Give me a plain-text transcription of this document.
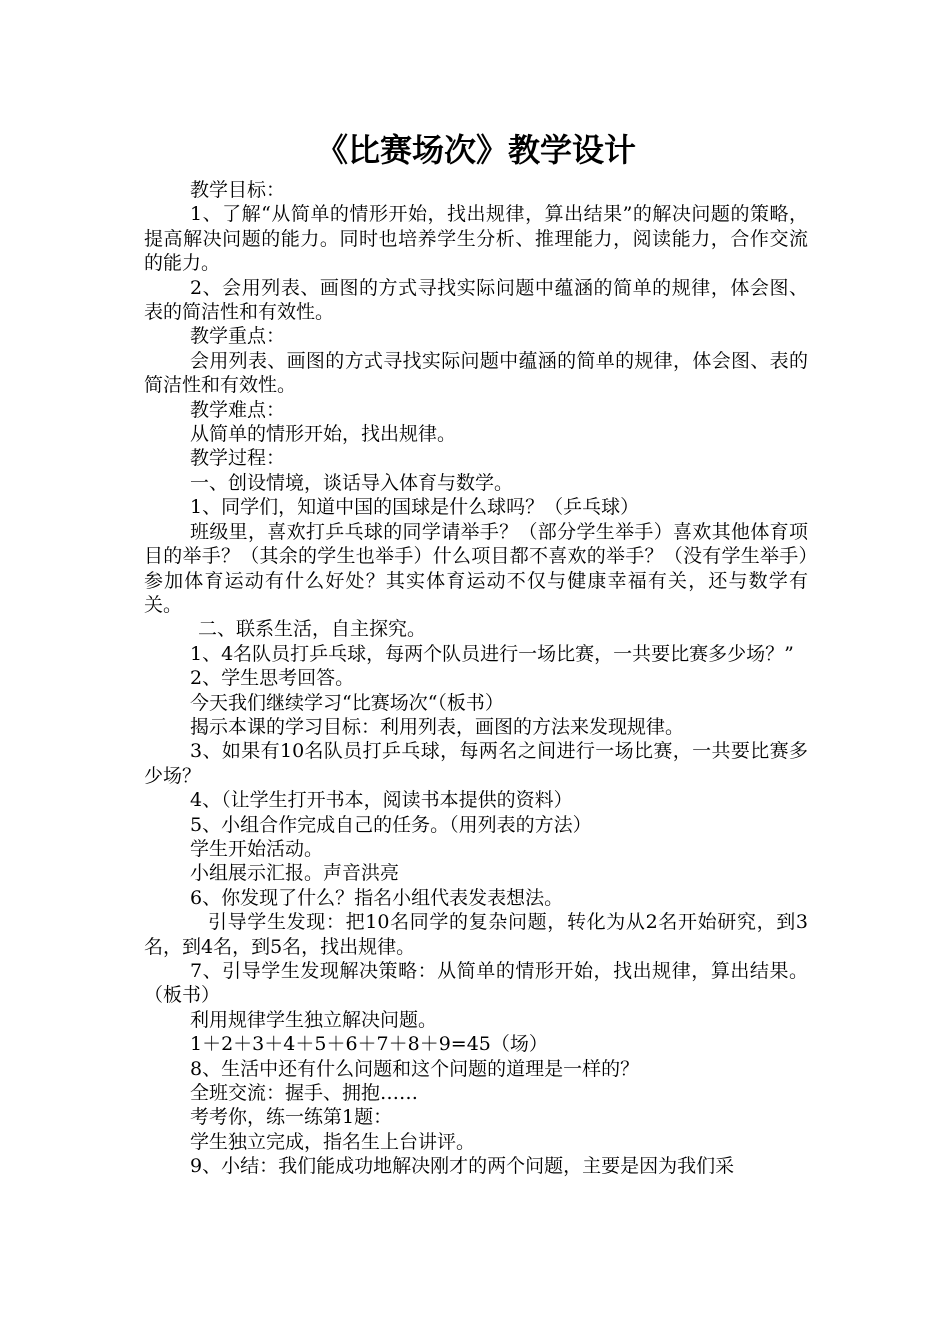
《比赛场次》教学设计

教学目标：

1、了解“从简单的情形开始，找出规律，算出结果”的解决问题的策略，提高解决问题的能力。同时也培养学生分析、推理能力，阅读能力，合作交流的能力。

2、会用列表、画图的方式寻找实际问题中蕴涵的简单的规律，体会图、表的简洁性和有效性。

教学重点：

会用列表、画图的方式寻找实际问题中蕴涵的简单的规律，体会图、表的简洁性和有效性。

教学难点：

从简单的情形开始，找出规律。

教学过程：

一、创设情境，谈话导入体育与数学。

1、同学们，知道中国的国球是什么球吗？（乒乓球）

班级里，喜欢打乒乓球的同学请举手？（部分学生举手）喜欢其他体育项目的举手？（其余的学生也举手）什么项目都不喜欢的举手？（没有学生举手）参加体育运动有什么好处？其实体育运动不仅与健康幸福有关，还与数学有关。

二、联系生活，自主探究。

1、4名队员打乒乓球，每两个队员进行一场比赛，一共要比赛多少场？”

2、学生思考回答。

今天我们继续学习“比赛场次“（板书）

揭示本课的学习目标：利用列表，画图的方法来发现规律。

3、如果有10名队员打乒乓球，每两名之间进行一场比赛，一共要比赛多少场？

4、（让学生打开书本，阅读书本提供的资料）

5、小组合作完成自己的任务。（用列表的方法）

学生开始活动。

小组展示汇报。声音洪亮

6、你发现了什么？指名小组代表发表想法。

引导学生发现：把10名同学的复杂问题，转化为从2名开始研究，到3名，到4名，到5名，找出规律。

7、引导学生发现解决策略：从简单的情形开始，找出规律，算出结果。（板书）

利用规律学生独立解决问题。

1＋2＋3＋4＋5＋6＋7＋8＋9=45（场）

8、生活中还有什么问题和这个问题的道理是一样的？

全班交流：握手、拥抱……

考考你，练一练第1题：

学生独立完成，指名生上台讲评。

9、小结：我们能成功地解决刚才的两个问题，主要是因为我们采
